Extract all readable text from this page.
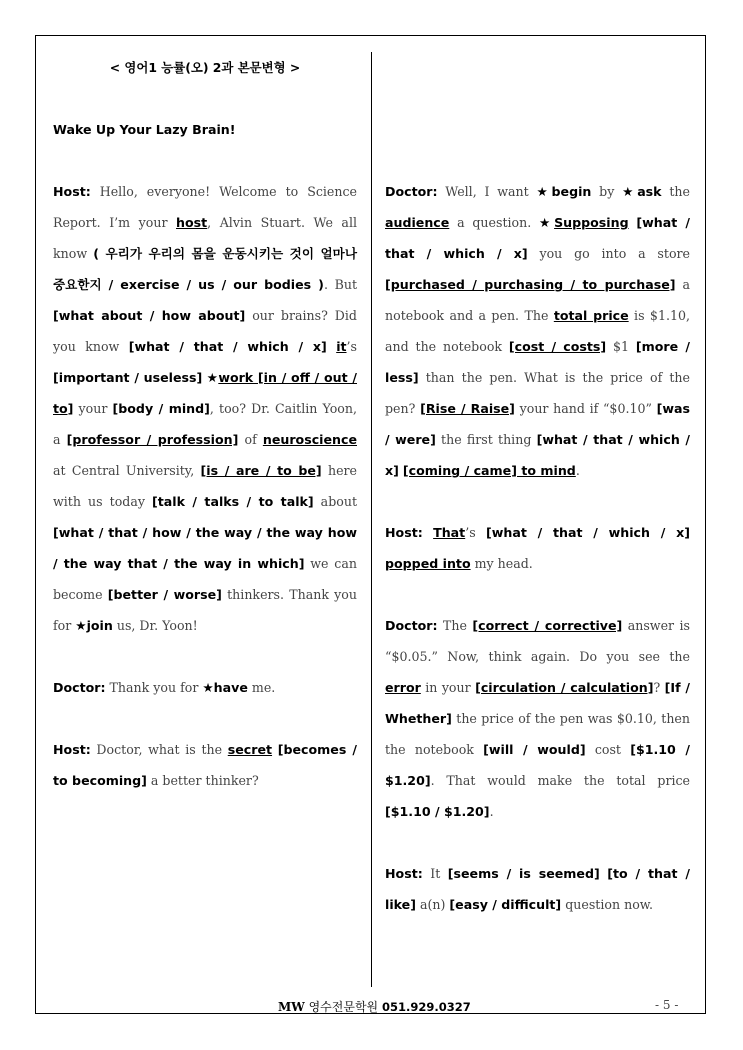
< 영어1 능률(오) 2과 본문변형 >

Wake Up Your Lazy Brain!

Host: Hello, everyone! Welcome to Science Report. I’m your host, Alvin Stuart. We all know ( 우리가 우리의 몸을 운동시키는 것이 얼마나 중요한지 / exercise / us / our bodies ). But [what about / how about] our brains? Did you know [what / that / which / x] it’s [important / useless] ★work [in / off / out / to] your [body / mind], too? Dr. Caitlin Yoon, a [professor / profession] of neuroscience at Central University, [is / are / to be] here with us today [talk / talks / to talk] about [what / that / how / the way / the way how / the way that / the way in which] we can become [better / worse] thinkers. Thank you for ★join us, Dr. Yoon!

Doctor: Thank you for ★have me.

Host: Doctor, what is the secret [becomes / to becoming] a better thinker?

Doctor: Well, I want ★begin by ★ask the audience a question. ★Supposing [what / that / which / x] you go into a store [purchased / purchasing / to purchase] a notebook and a pen. The total price is $1.10, and the notebook [cost / costs] $1 [more / less] than the pen. What is the price of the pen? [Rise / Raise] your hand if “$0.10” [was / were] the first thing [what / that / which / x] [coming / came] to mind.

Host: That’s [what / that / which / x] popped into my head.

Doctor: The [correct / corrective] answer is “$0.05.” Now, think again. Do you see the error in your [circulation / calculation]? [If / Whether] the price of the pen was $0.10, then the notebook [will / would] cost [$1.10 / $1.20]. That would make the total price [$1.10 / $1.20].

Host: It [seems / is seemed] [to / that / like] a(n) [easy / difficult] question now.

MW 영수전문학원 051.929.0327	- 5 -
